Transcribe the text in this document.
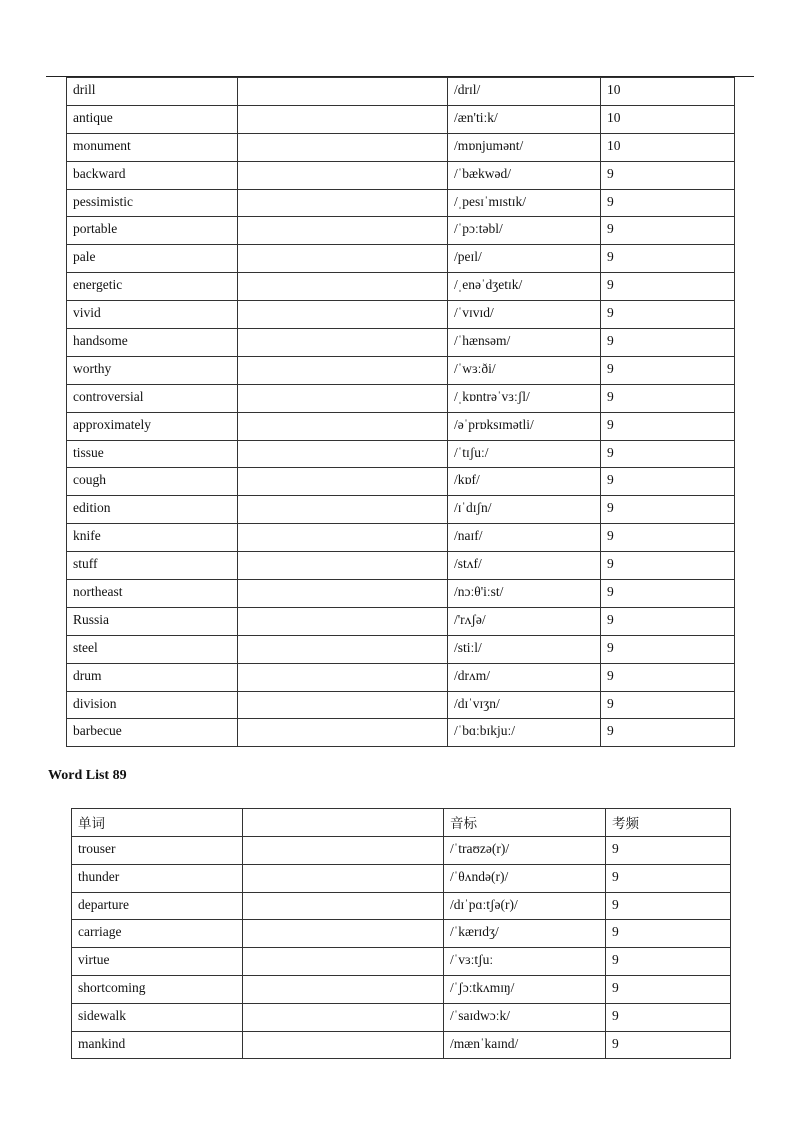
drill		/drɪl/	10
antique		/æn'tiːk/	10
monument		/mɒnjumənt/	10
backward		/ˈbækwəd/	9
pessimistic		/ˌpesɪˈmɪstɪk/	9
portable		/ˈpɔːtəbl/	9
pale		/peɪl/	9
energetic		/ˌenəˈdʒetɪk/	9
vivid		/ˈvɪvɪd/	9
handsome		/ˈhænsəm/	9
worthy		/ˈwɜːði/	9
controversial		/ˌkɒntrəˈvɜːʃl/	9
approximately		/əˈprɒksɪmətli/	9
tissue		/ˈtɪʃuː/	9
cough		/kɒf/	9
edition		/ɪˈdɪʃn/	9
knife		/naɪf/	9
stuff		/stʌf/	9
northeast		/nɔːθ'iːst/	9
Russia		/'rʌʃə/	9
steel		/stiːl/	9
drum		/drʌm/	9
division		/dɪˈvɪʒn/	9
barbecue		/ˈbɑːbɪkjuː/	9
Word List 89
单词		音标	考频
trouser		/ˈtraʊzə(r)/	9
thunder		/ˈθʌndə(r)/	9
departure		/dɪˈpɑːtʃə(r)/	9
carriage		/ˈkærɪdʒ/	9
virtue		/ˈvɜːtʃuː	9
shortcoming		/ˈʃɔːtkʌmɪŋ/	9
sidewalk		/ˈsaɪdwɔːk/	9
mankind		/mænˈkaɪnd/	9
